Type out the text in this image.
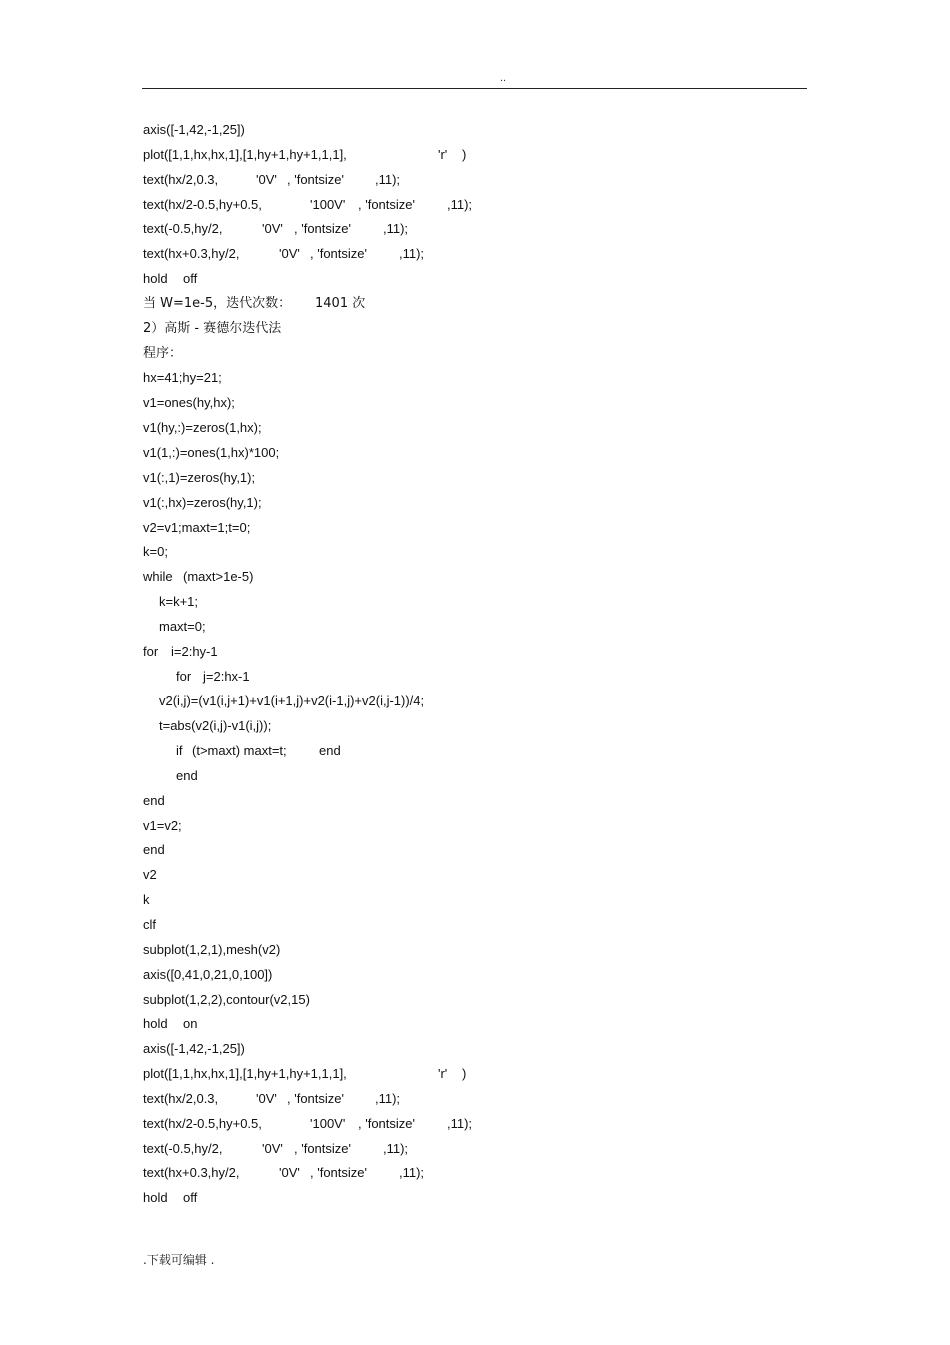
..
axis([-1,42,-1,25])
plot([1,1,hx,hx,1],[1,hy+1,hy+1,1,1],	'r' )
text(hx/2,0.3,	'0V' , 'fontsize' ,11);
text(hx/2-0.5,hy+0.5,	'100V' , 'fontsize' ,11);
text(-0.5,hy/2,	'0V' , 'fontsize' ,11);
text(hx+0.3,hy/2,	'0V' , 'fontsize' ,11);
hold off
当 W=1e-5，迭代次数： 1401 次
2）高斯 - 赛德尔迭代法
程序：
hx=41;hy=21;
v1=ones(hy,hx);
v1(hy,:)=zeros(1,hx);
v1(1,:)=ones(1,hx)*100;
v1(:,1)=zeros(hy,1);
v1(:,hx)=zeros(hy,1);
v2=v1;maxt=1;t=0;
k=0;
while (maxt>1e-5)
k=k+1;
maxt=0;
for i=2:hy-1
for j=2:hx-1
v2(i,j)=(v1(i,j+1)+v1(i+1,j)+v2(i-1,j)+v2(i,j-1))/4;
t=abs(v2(i,j)-v1(i,j));
if (t>maxt) maxt=t; end
end
end
v1=v2;
end
v2
k
clf
subplot(1,2,1),mesh(v2)
axis([0,41,0,21,0,100])
subplot(1,2,2),contour(v2,15)
hold on
axis([-1,42,-1,25])
plot([1,1,hx,hx,1],[1,hy+1,hy+1,1,1],	'r' )
text(hx/2,0.3,	'0V' , 'fontsize' ,11);
text(hx/2-0.5,hy+0.5,	'100V' , 'fontsize' ,11);
text(-0.5,hy/2,	'0V' , 'fontsize' ,11);
text(hx+0.3,hy/2,	'0V' , 'fontsize' ,11);
hold off
.下载可编辑 .
